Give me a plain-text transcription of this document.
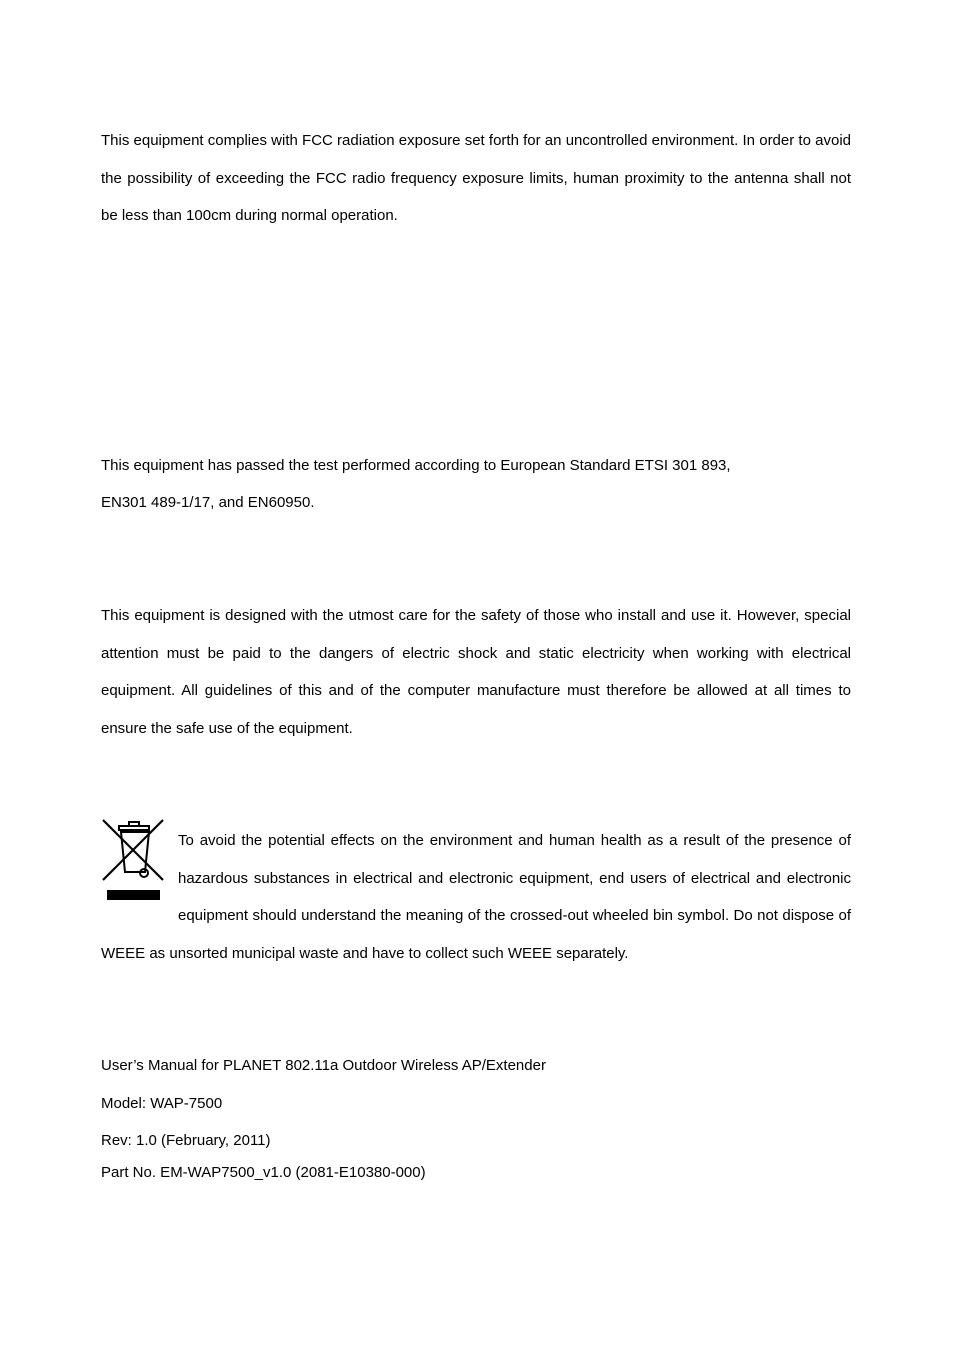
This equipment complies with FCC radiation exposure set forth for an uncontrolled environment. In order to avoid the possibility of exceeding the FCC radio frequency exposure limits, human proximity to the antenna shall not be less than 100cm during normal operation.

This equipment has passed the test performed according to European Standard ETSI 301 893,

EN301 489-1/17, and EN60950.

This equipment is designed with the utmost care for the safety of those who install and use it. However, special attention must be paid to the dangers of electric shock and static electricity when working with electrical equipment. All guidelines of this and of the computer manufacture must therefore be allowed at all times to ensure the safe use of the equipment.

To avoid the potential effects on the environment and human health as a result of the presence of hazardous substances in electrical and electronic equipment, end users of electrical and electronic equipment should understand the meaning of the crossed-out wheeled bin symbol. Do not dispose of WEEE as unsorted municipal waste and have to collect such WEEE separately.

User’s Manual for PLANET 802.11a Outdoor Wireless AP/Extender

Model: WAP-7500

Rev: 1.0 (February, 2011)

Part No. EM-WAP7500_v1.0 (2081-E10380-000)
